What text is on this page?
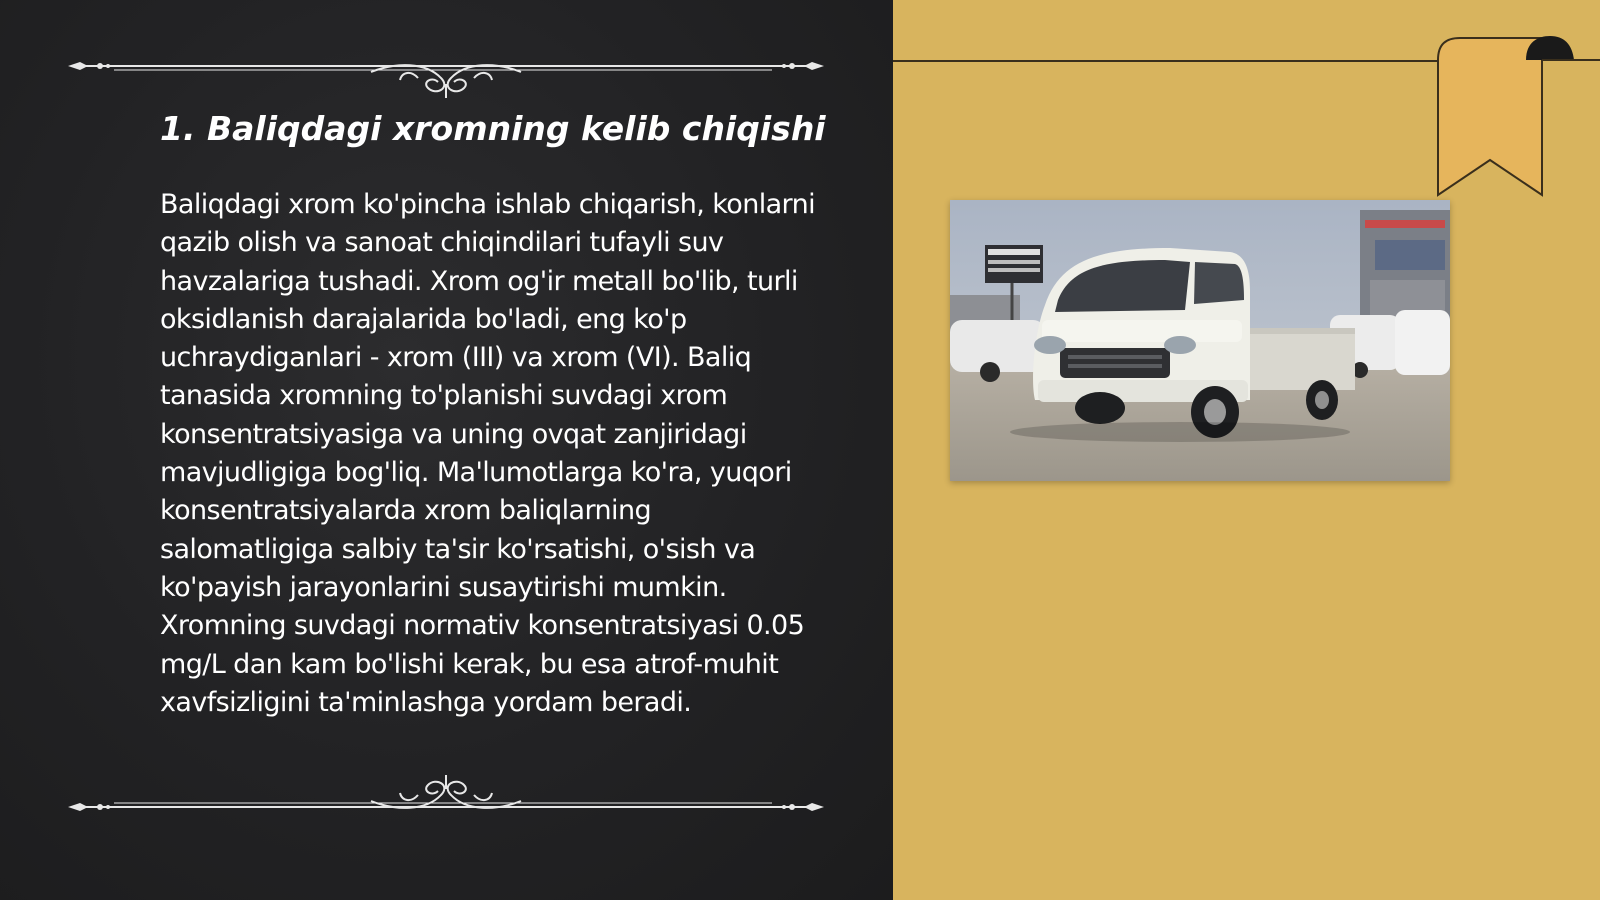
1. Baliqdagi xromning kelib chiqishi

Baliqdagi xrom ko'pincha ishlab chiqarish, konlarni qazib olish va sanoat chiqindilari tufayli suv havzalariga tushadi. Xrom og'ir metall bo'lib, turli oksidlanish darajalarida bo'ladi, eng ko'p uchraydiganlari - xrom (III) va xrom (VI). Baliq tanasida xromning to'planishi suvdagi xrom konsentratsiyasiga va uning ovqat zanjiridagi mavjudligiga bog'liq. Ma'lumotlarga ko'ra, yuqori konsentratsiyalarda xrom baliqlarning salomatligiga salbiy ta'sir ko'rsatishi, o'sish va ko'payish jarayonlarini susaytirishi mumkin. Xromning suvdagi normativ konsentratsiyasi 0.05 mg/L dan kam bo'lishi kerak, bu esa atrof-muhit xavfsizligini ta'minlashga yordam beradi.
